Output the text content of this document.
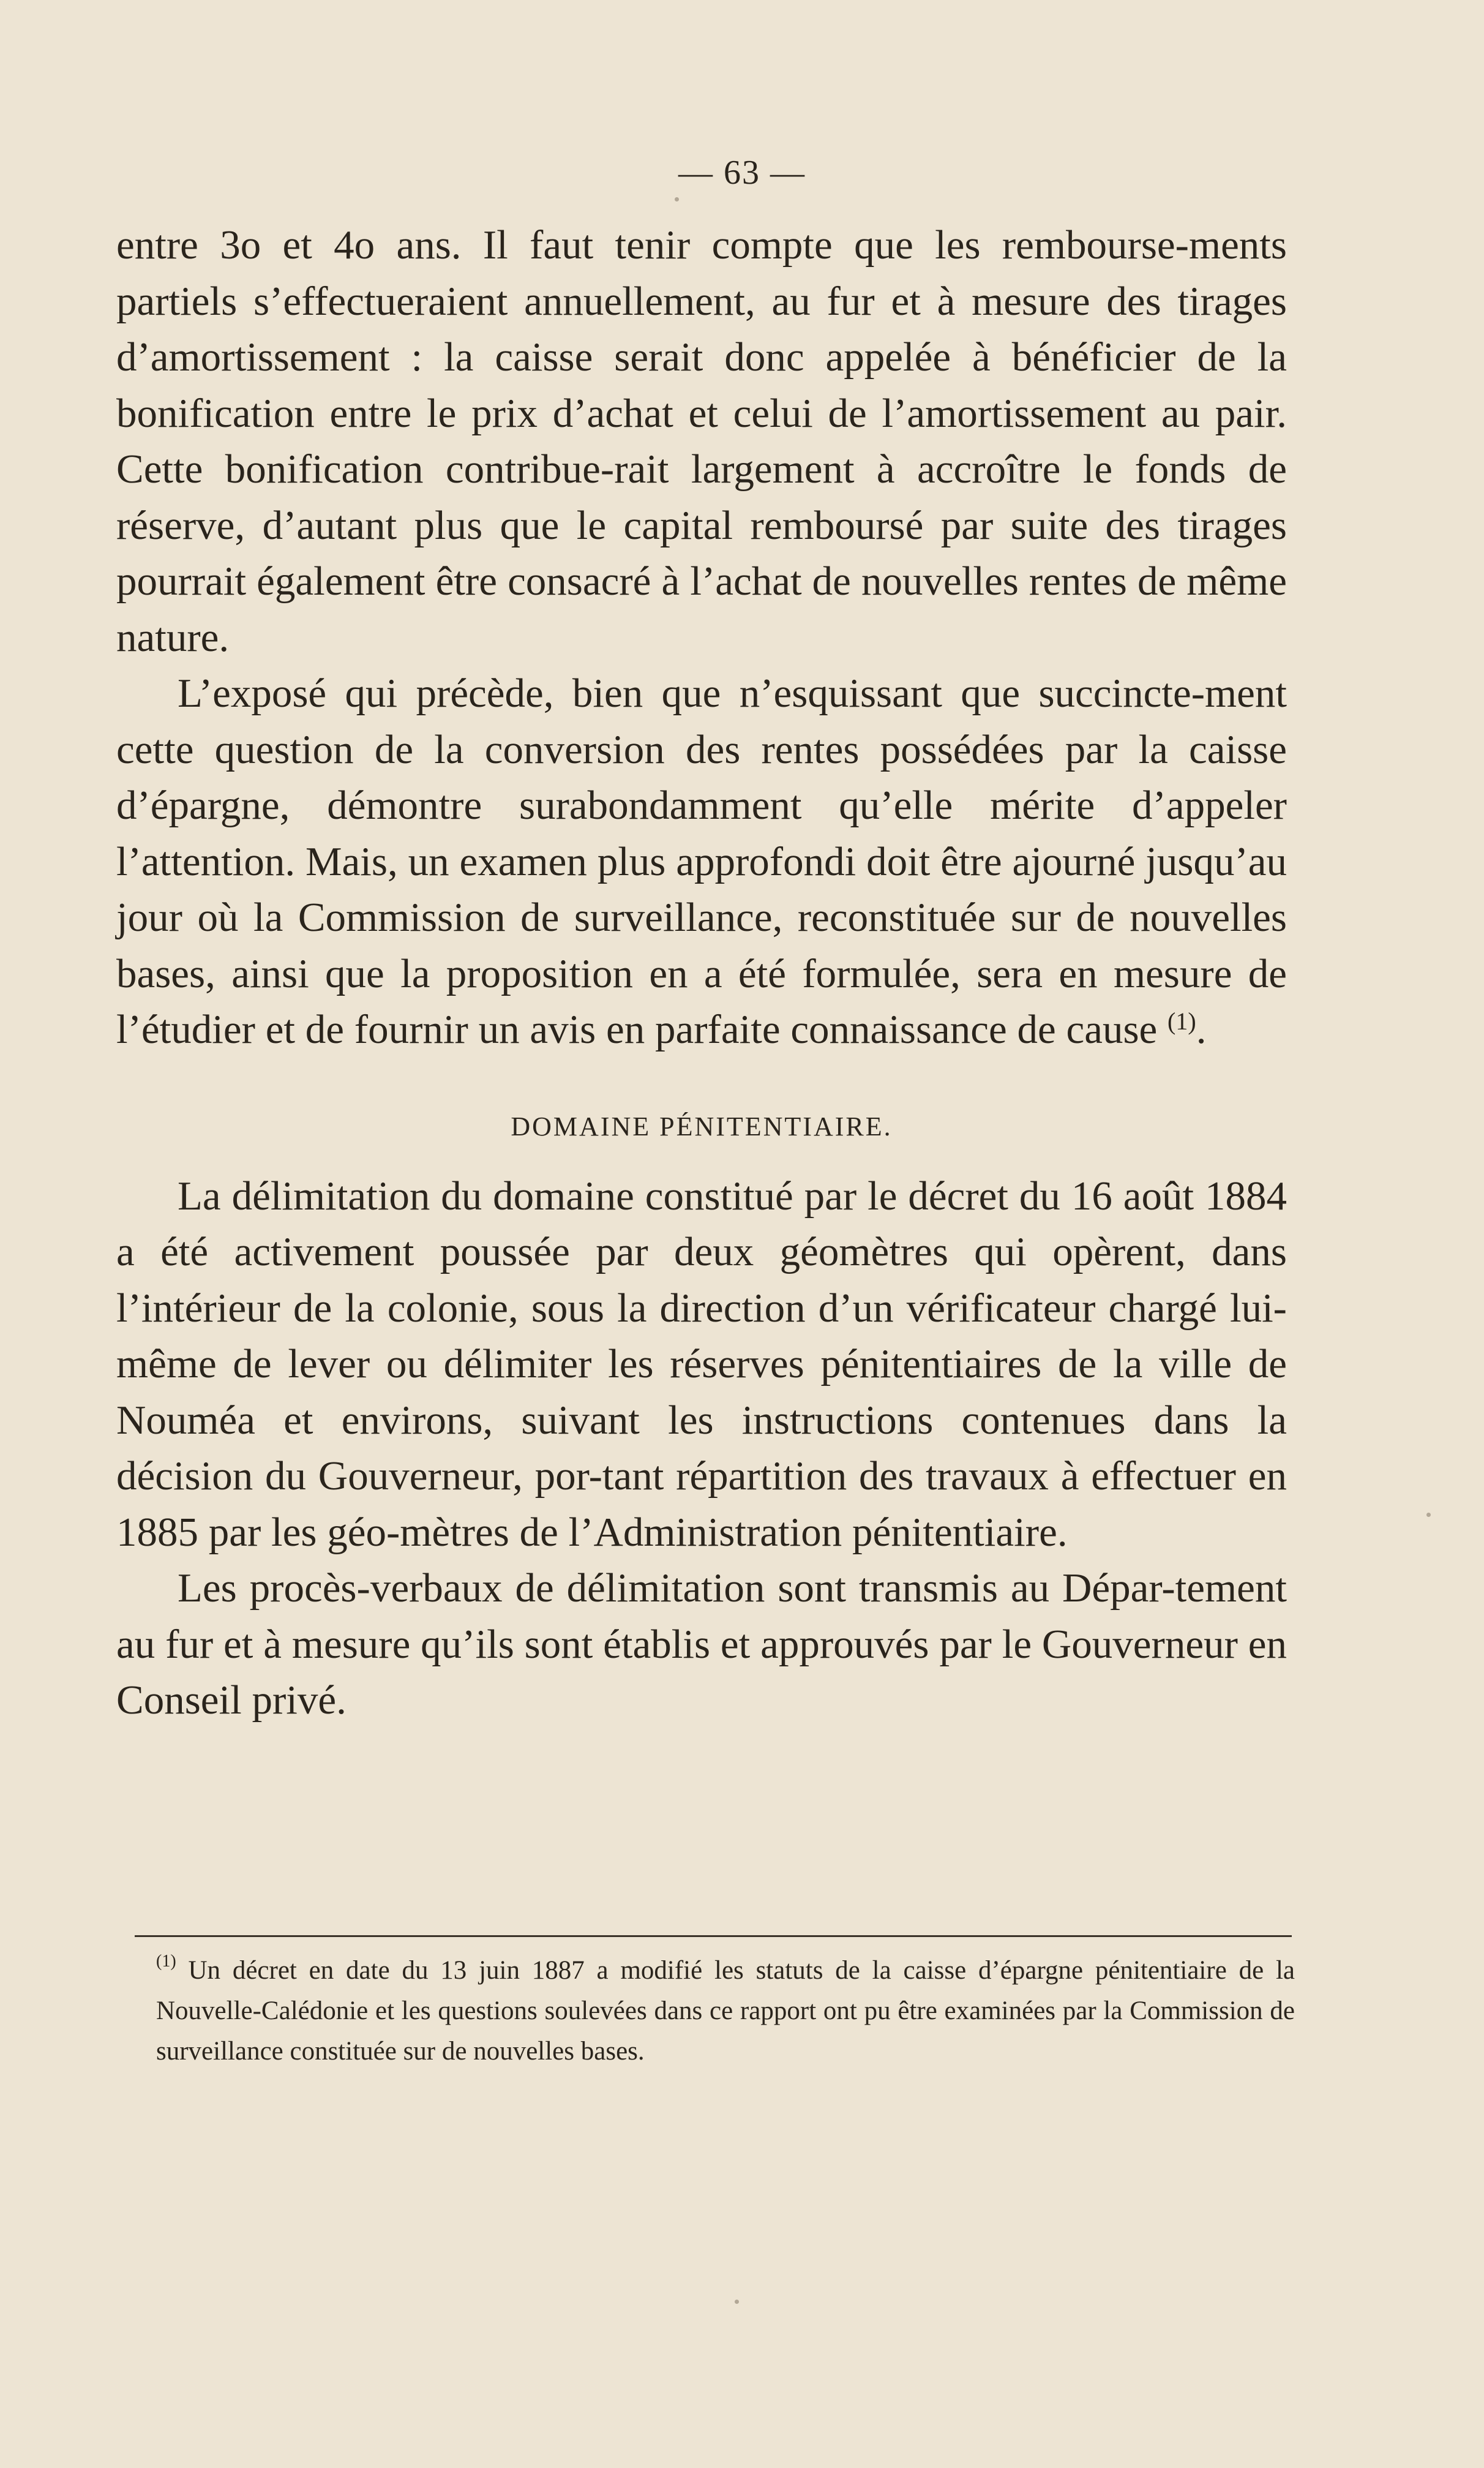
— 63 —

entre 3o et 4o ans. Il faut tenir compte que les rembourse-ments partiels s’effectueraient annuellement, au fur et à mesure des tirages d’amortissement : la caisse serait donc appelée à bénéficier de la bonification entre le prix d’achat et celui de l’amortissement au pair. Cette bonification contribue-rait largement à accroître le fonds de réserve, d’autant plus que le capital remboursé par suite des tirages pourrait également être consacré à l’achat de nouvelles rentes de même nature.

L’exposé qui précède, bien que n’esquissant que succincte-ment cette question de la conversion des rentes possédées par la caisse d’épargne, démontre surabondamment qu’elle mérite d’appeler l’attention. Mais, un examen plus approfondi doit être ajourné jusqu’au jour où la Commission de surveillance, reconstituée sur de nouvelles bases, ainsi que la proposition en a été formulée, sera en mesure de l’étudier et de fournir un avis en parfaite connaissance de cause $^{(1)}$.

DOMAINE PÉNITENTIAIRE.

La délimitation du domaine constitué par le décret du 16 août 1884 a été activement poussée par deux géomètres qui opèrent, dans l’intérieur de la colonie, sous la direction d’un vérificateur chargé lui-même de lever ou délimiter les réserves pénitentiaires de la ville de Nouméa et environs, suivant les instructions contenues dans la décision du Gouverneur, por-tant répartition des travaux à effectuer en 1885 par les géo-mètres de l’Administration pénitentiaire.

Les procès-verbaux de délimitation sont transmis au Dépar-tement au fur et à mesure qu’ils sont établis et approuvés par le Gouverneur en Conseil privé.

$^{(1)}$ Un décret en date du 13 juin 1887 a modifié les statuts de la caisse d’épargne pénitentiaire de la Nouvelle-Calédonie et les questions soulevées dans ce rapport ont pu être examinées par la Commission de surveillance constituée sur de nouvelles bases.
